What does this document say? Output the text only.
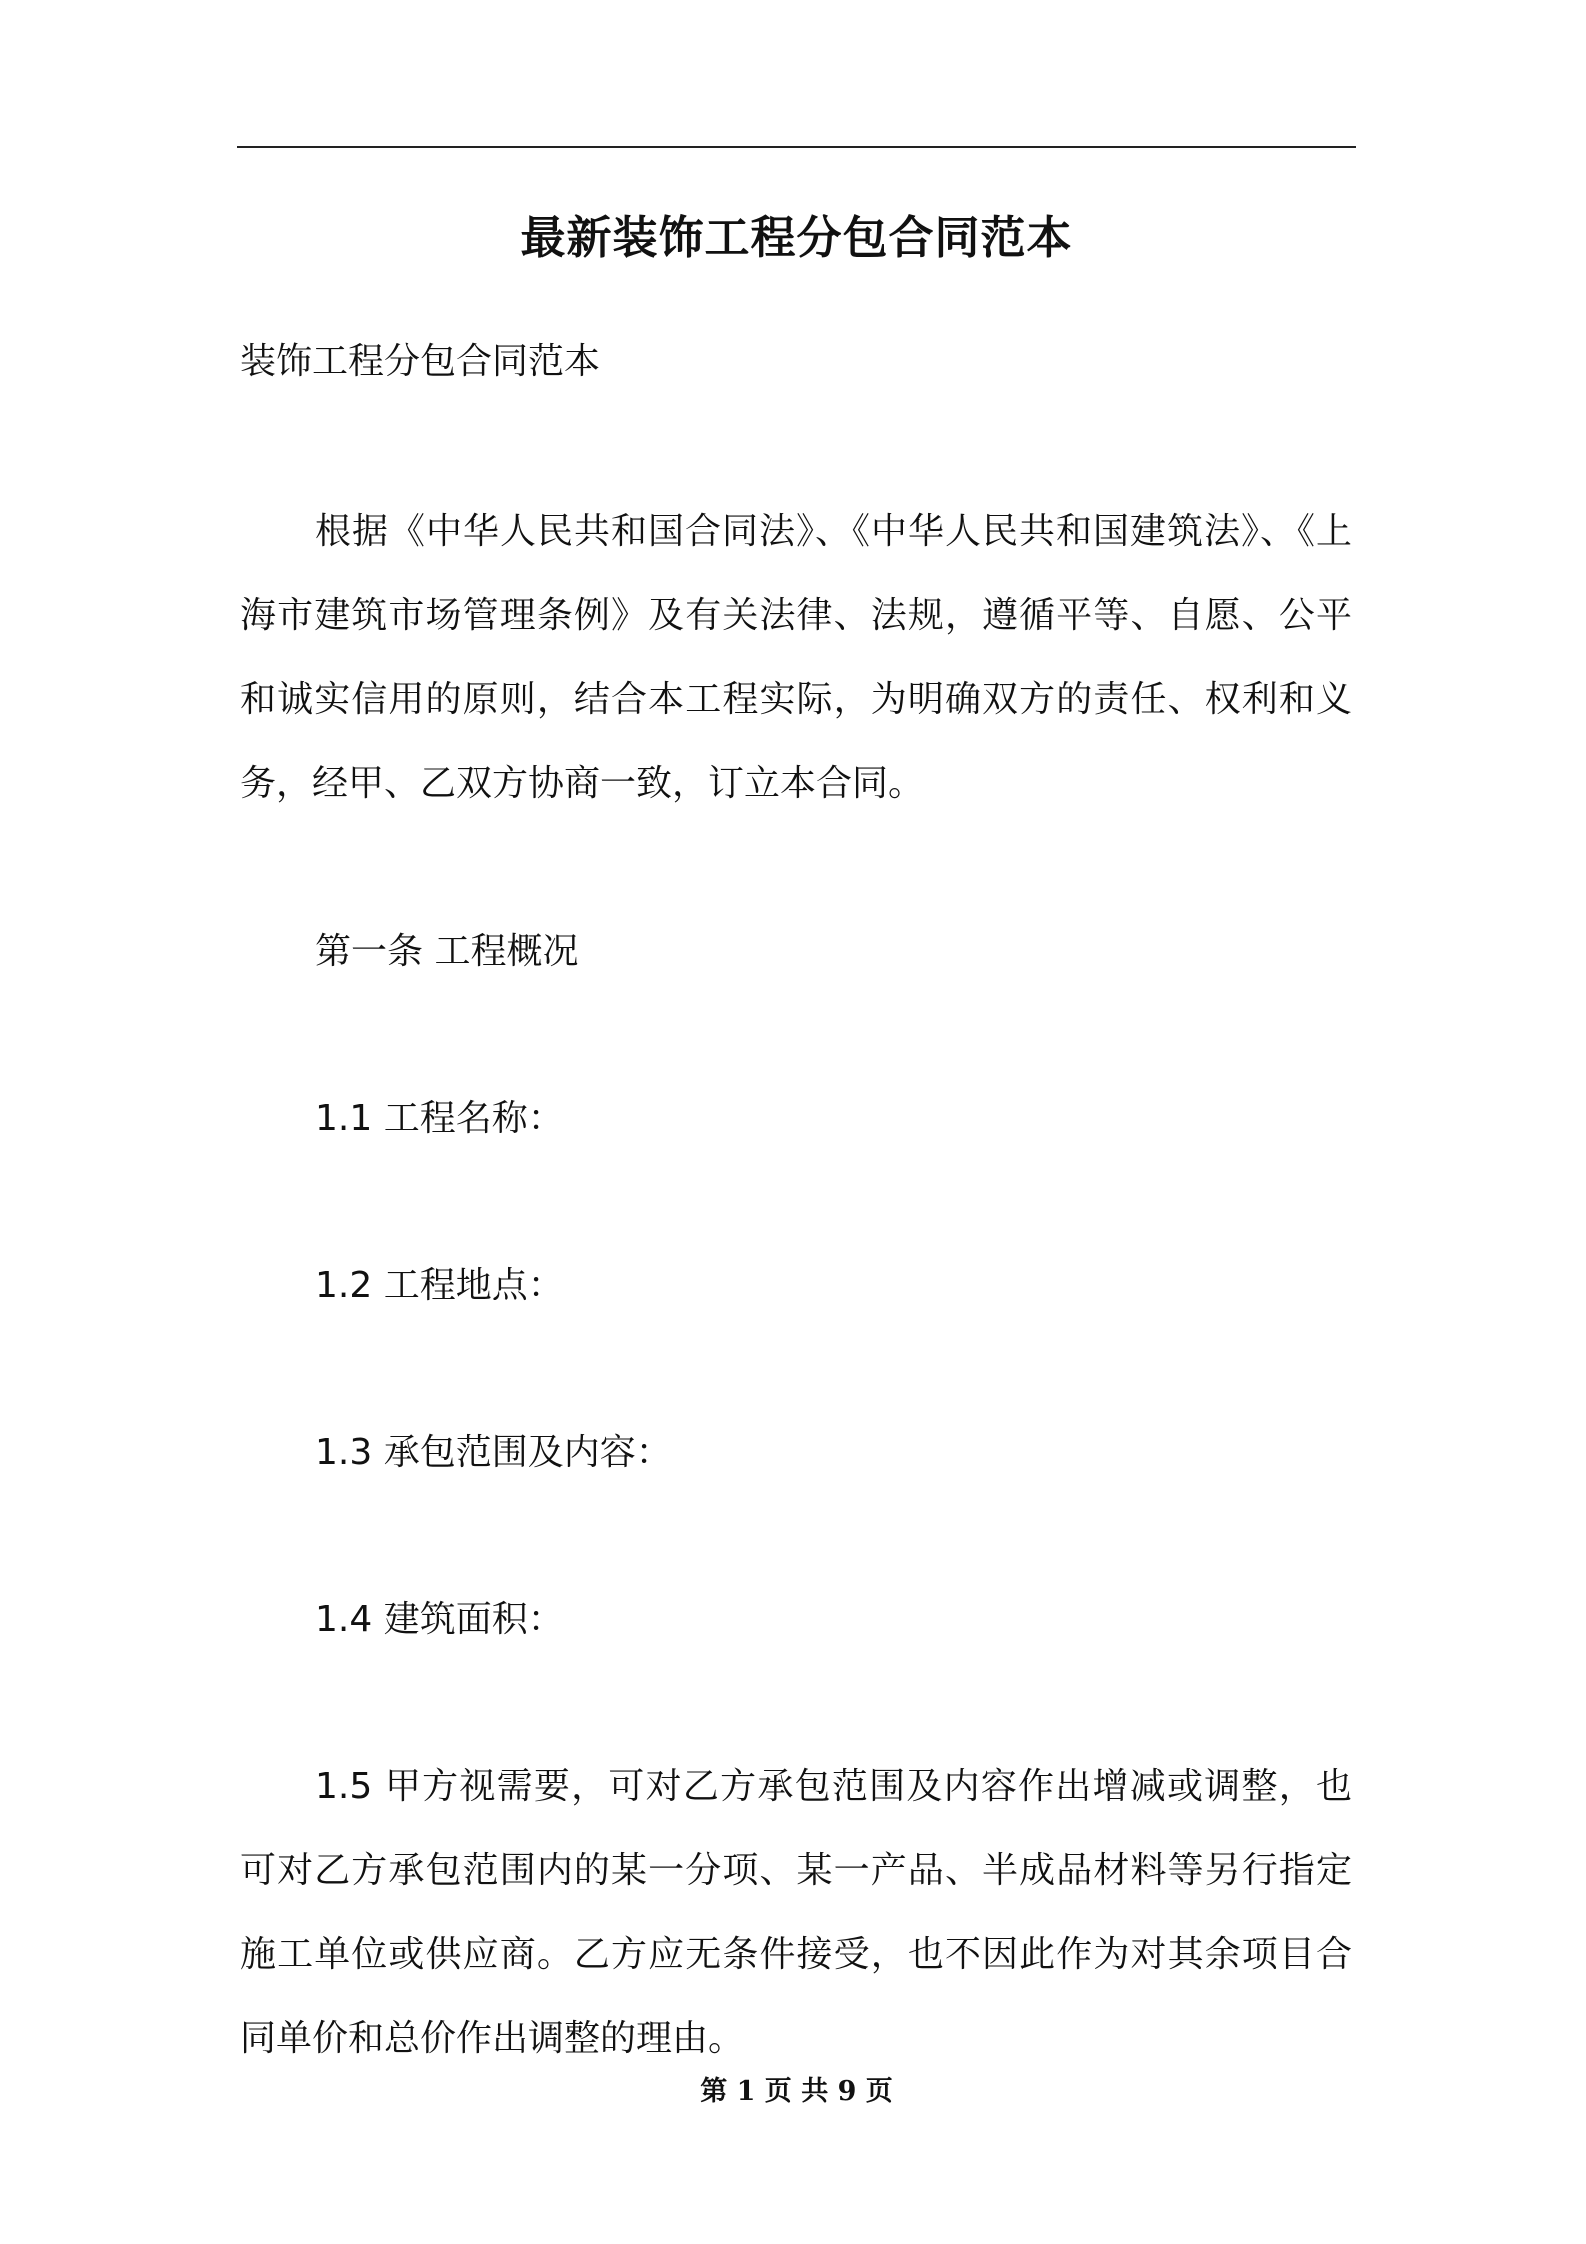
最新装饰工程分包合同范本

装饰工程分包合同范本

根据《中华人民共和国合同法》、《中华人民共和国建筑法》、《上海市建筑市场管理条例》及有关法律、法规，遵循平等、自愿、公平和诚实信用的原则，结合本工程实际，为明确双方的责任、权利和义务，经甲、乙双方协商一致，订立本合同。

第一条 工程概况

1.1 工程名称：

1.2 工程地点：

1.3 承包范围及内容：

1.4 建筑面积：

1.5 甲方视需要，可对乙方承包范围及内容作出增减或调整，也可对乙方承包范围内的某一分项、某一产品、半成品材料等另行指定施工单位或供应商。乙方应无条件接受，也不因此作为对其余项目合同单价和总价作出调整的理由。

第 1 页 共 9 页
